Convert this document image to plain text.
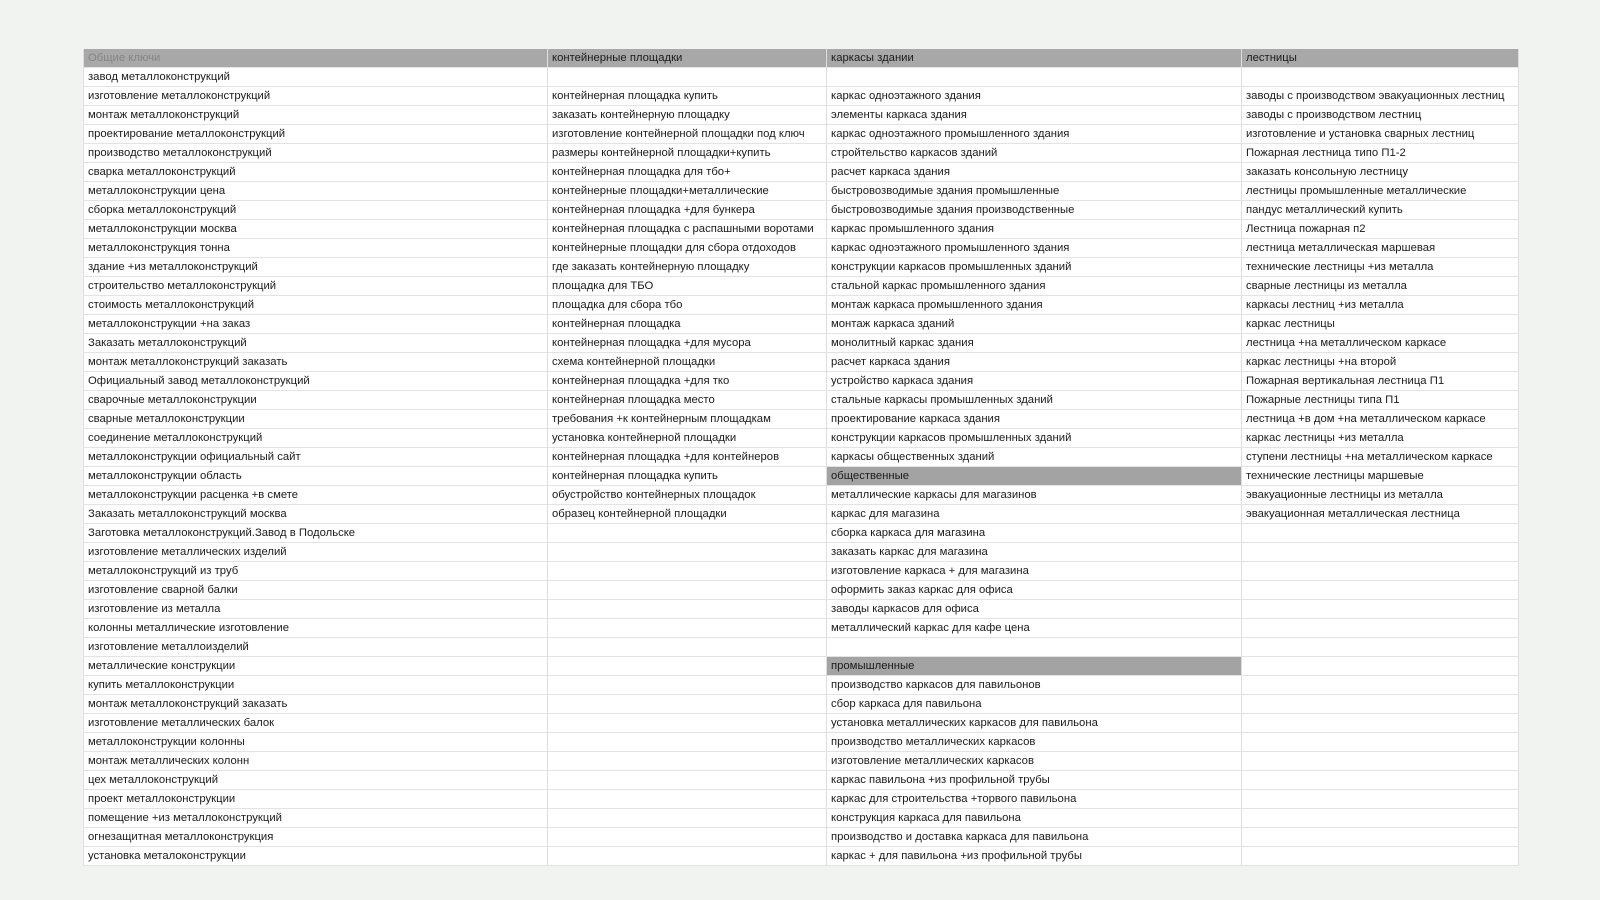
Общие ключи	контейнерные площадки	каркасы здании	лестницы
завод металлоконструкций			
изготовление металлоконструкций	контейнерная площадка купить	каркас одноэтажного здания	заводы с производством эвакуационных лестниц
монтаж металлоконструкций	заказать контейнерную площадку	элементы каркаса здания	заводы с производством лестниц
проектирование металлоконструкций	изготовление контейнерной площадки под ключ	каркас одноэтажного промышленного здания	изготовление и установка сварных лестниц
производство металлоконструкций	размеры контейнерной площадки+купить	стройтельство каркасов зданий	Пожарная лестница типо П1-2
сварка металлоконструкций	контейнерная площадка для тбо+	расчет каркаса здания	заказать консольную лестницу
металлоконструкции цена	контейнерные площадки+металлические	быстровозводимые здания промышленные	лестницы промышленные металлические
сборка металлоконструкций	контейнерная площадка +для бункера	быстровозводимые здания производственные	пандус металлический купить
металлоконструкции москва	контейнерная площадка с распашными воротами	каркас промышленного здания	Лестница пожарная п2
металлоконструкция тонна	контейнерные площадки для сбора отдоходов	каркас одноэтажного промышленного здания	лестница металлическая маршевая
здание +из металлоконструкций	где заказать контейнерную площадку	конструкции каркасов промышленных зданий	технические лестницы +из металла
строительство металлоконструкций	площадка для ТБО	стальной каркас промышленного здания	сварные лестницы из металла
стоимость металлоконструкций	площадка для сбора тбо	монтаж каркаса промышленного здания	каркасы лестниц +из металла
металлоконструкции +на заказ	контейнерная площадка	монтаж каркаса зданий	каркас лестницы
Заказать металлоконструкций	контейнерная площадка +для мусора	монолитный каркас здания	лестница +на металлическом каркасе
монтаж металлоконструкций заказать	схема контейнерной площадки	расчет каркаса здания	каркас лестницы +на второй
Официальный завод металлоконструкций	контейнерная площадка +для тко	устройство каркаса здания	Пожарная вертикальная лестница П1
сварочные металлоконструкции	контейнерная площадка место	стальные каркасы промышленных зданий	Пожарные лестницы типа П1
сварные металлоконструкции	требования +к контейнерным площадкам	проектирование каркаса здания	лестница +в дом +на металлическом каркасе
соединение металлоконструкций	установка контейнерной площадки	конструкции каркасов промышленных зданий	каркас лестницы +из металла
металлоконструкции официальный сайт	контейнерная площадка +для контейнеров	каркасы общественных зданий	ступени лестницы +на металлическом каркасе
металлоконструкции область	контейнерная площадка купить	общественные	технические лестницы маршевые
металлоконструкции расценка +в смете	обустройство контейнерных площадок	металлические каркасы для магазинов	эвакуационные лестницы из металла
Заказать металлоконструкций москва	образец контейнерной площадки	каркас для магазина	эвакуационная металлическая лестница
Заготовка металлоконструкций.Завод в Подольске		сборка каркаса для магазина	
изготовление металлических изделий		заказать каркас для магазина	
металлоконструкций из труб		изготовление каркаса + для магазина	
изготовление сварной балки		оформить заказ каркас для офиса	
изготовление из металла		заводы каркасов для офиса	
колонны металлические изготовление		металлический каркас для кафе цена	
изготовление металлоизделий			
металлические конструкции		промышленные	
купить металлоконструкции		производство каркасов для павильонов	
монтаж металлоконструкций заказать		сбор каркаса для павильона	
изготовление металлических балок		установка металлических каркасов для павильона	
металлоконструкции колонны		производство металлических каркасов	
монтаж металлических колонн		изготовление металлических каркасов	
цех металлоконструкций		каркас павильона +из профильной трубы	
проект металлоконструкции		каркас для строительства +торвого павильона	
помещение +из металлоконструкций		конструкция каркаса для павильона	
огнезащитная металлоконструкция		производство и доставка каркаса для павильона	
установка металоконструкции		каркас + для павильона +из профильной трубы	
